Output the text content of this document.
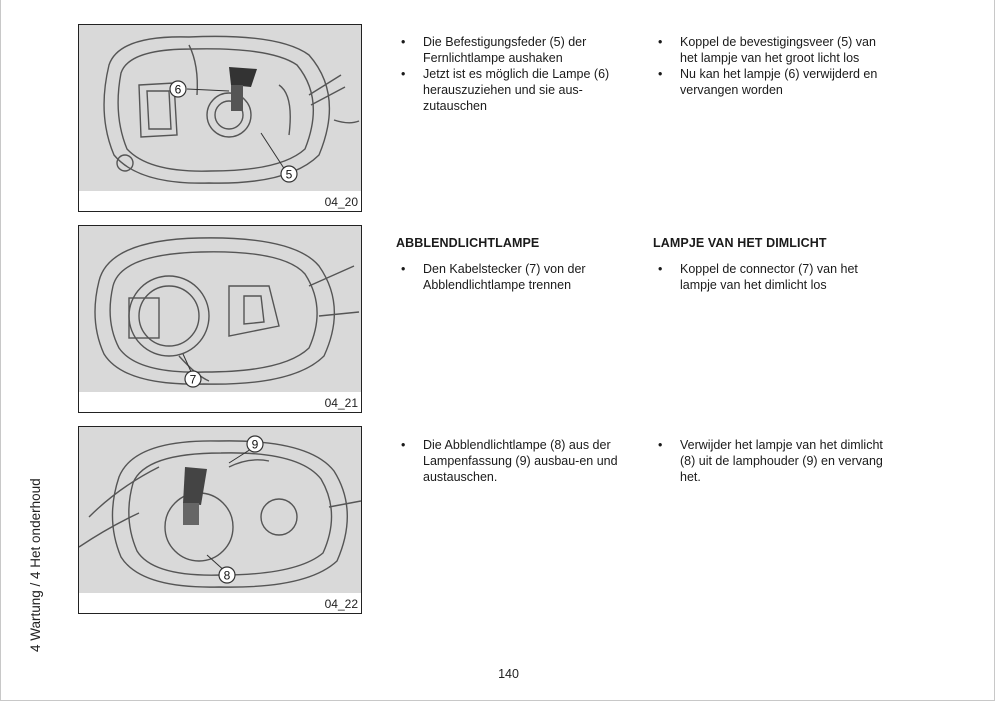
6
5
04_20
7
04_21
9
8
04_22
• Die Befestigungsfeder (5) der Fernlichtlampe aushaken
• Jetzt ist es möglich die Lampe (6) herauszuziehen und sie aus-zutauschen
• Koppel de bevestigingsveer (5) van het lampje van het groot licht los
• Nu kan het lampje (6) verwijderd en vervangen worden
ABBLENDLICHTLAMPE
• Den Kabelstecker (7) von der Abblendlichtlampe trennen
LAMPJE VAN HET DIMLICHT
• Koppel de connector (7) van het lampje van het dimlicht los
• Die Abblendlichtlampe (8) aus der Lampenfassung (9) ausbau-en und austauschen.
• Verwijder het lampje van het dimlicht (8) uit de lamphouder (9) en vervang het.
4 Wartung / 4 Het onderhoud
140
